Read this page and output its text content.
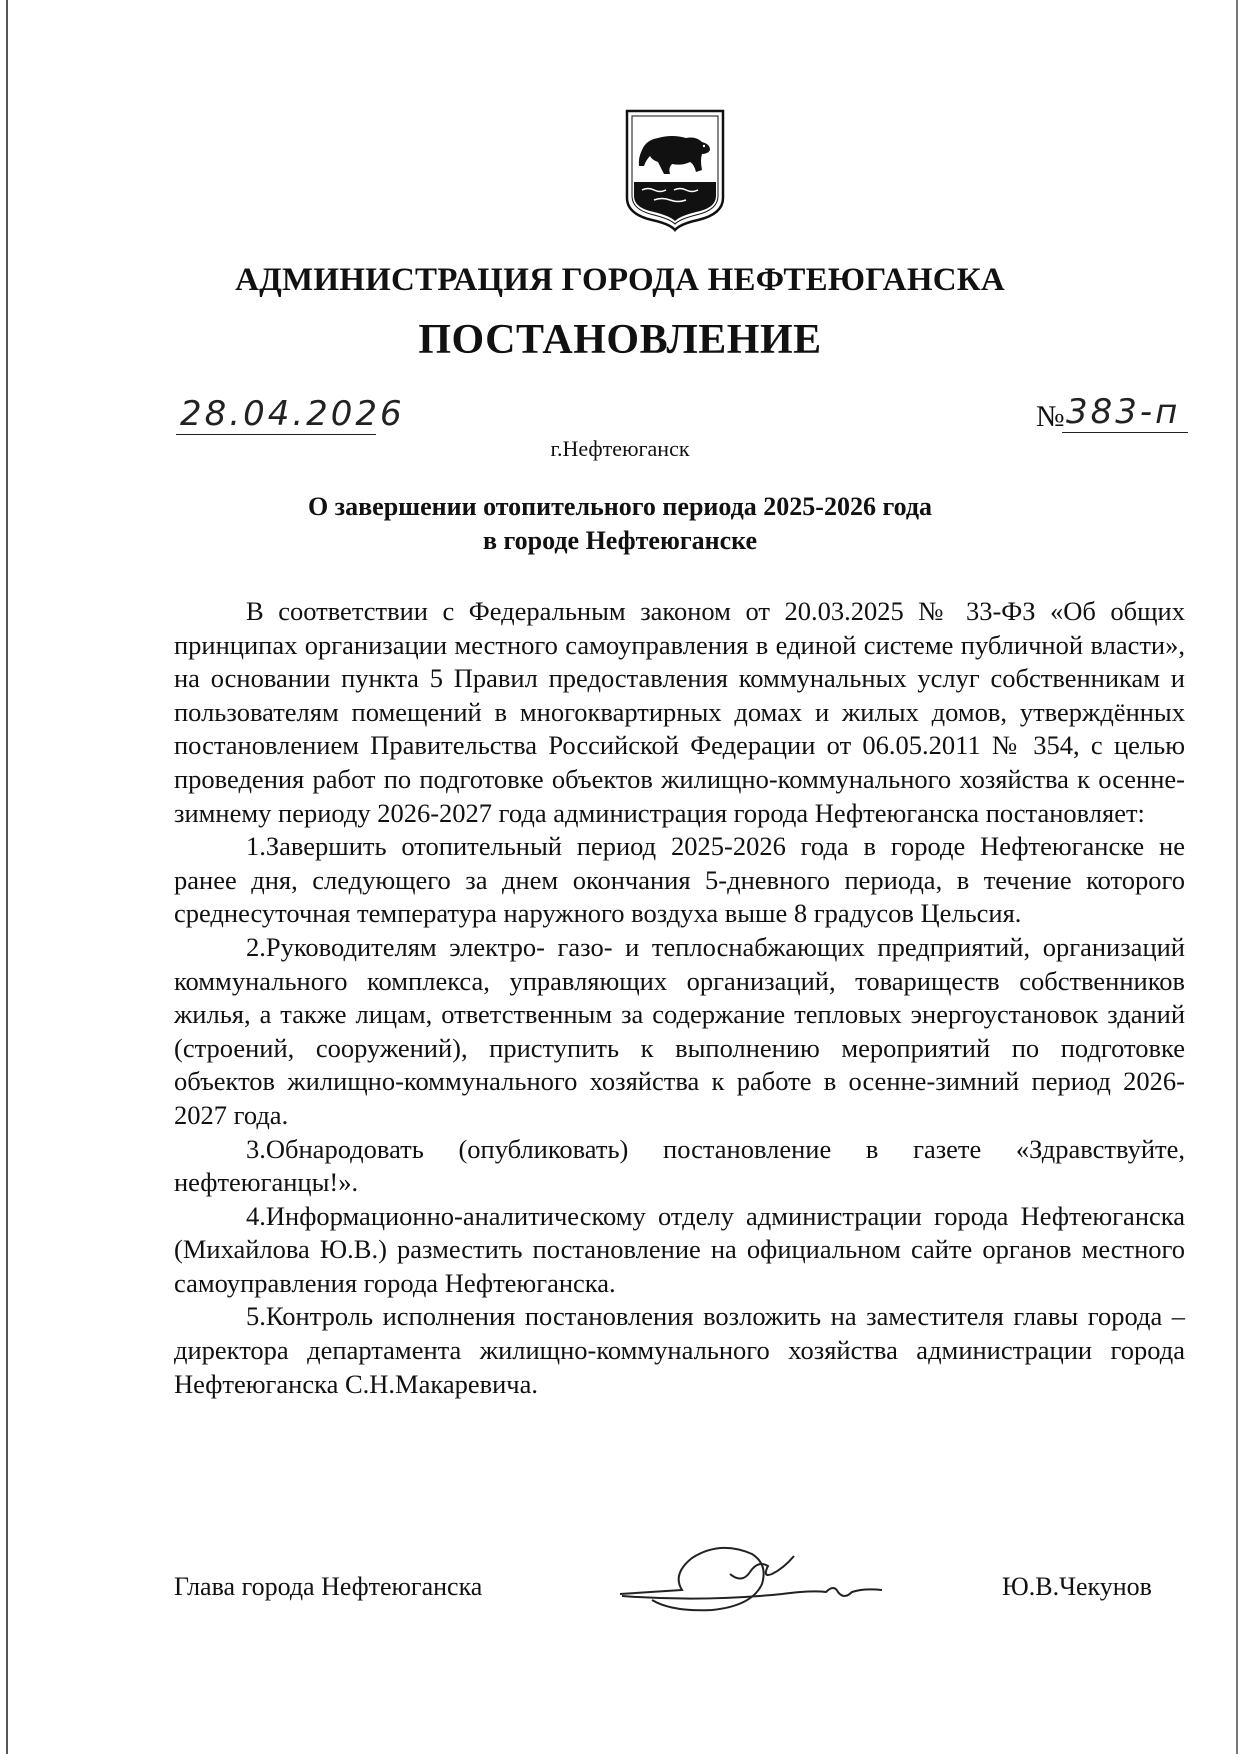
АДМИНИСТРАЦИЯ ГОРОДА НЕФТЕЮГАНСКА
ПОСТАНОВЛЕНИЕ
28.04.2026	№ 383-п
г.Нефтеюганск
О завершении отопительного периода 2025-2026 года
в городе Нефтеюганске

В соответствии с Федеральным законом от 20.03.2025 № 33-ФЗ «Об общих принципах организации местного самоуправления в единой системе публичной власти», на основании пункта 5 Правил предоставления коммунальных услуг собственникам и пользователям помещений в многоквартирных домах и жилых домов, утверждённых постановлением Правительства Российской Федерации от 06.05.2011 № 354, с целью проведения работ по подготовке объектов жилищно-коммунального хозяйства к осенне-зимнему периоду 2026-2027 года администрация города Нефтеюганска постановляет:

1.Завершить отопительный период 2025-2026 года в городе Нефтеюганске не ранее дня, следующего за днем окончания 5-дневного периода, в течение которого среднесуточная температура наружного воздуха выше 8 градусов Цельсия.

2.Руководителям электро- газо- и теплоснабжающих предприятий, организаций коммунального комплекса, управляющих организаций, товариществ собственников жилья, а также лицам, ответственным за содержание тепловых энергоустановок зданий (строений, сооружений), приступить к выполнению мероприятий по подготовке объектов жилищно-коммунального хозяйства к работе в осенне-зимний период 2026-2027 года.

3.Обнародовать (опубликовать) постановление в газете «Здравствуйте, нефтеюганцы!».

4.Информационно-аналитическому отделу администрации города Нефтеюганска (Михайлова Ю.В.) разместить постановление на официальном сайте органов местного самоуправления города Нефтеюганска.

5.Контроль исполнения постановления возложить на заместителя главы города – директора департамента жилищно-коммунального хозяйства администрации города Нефтеюганска С.Н.Макаревича.

Глава города Нефтеюганска	Ю.В.Чекунов
